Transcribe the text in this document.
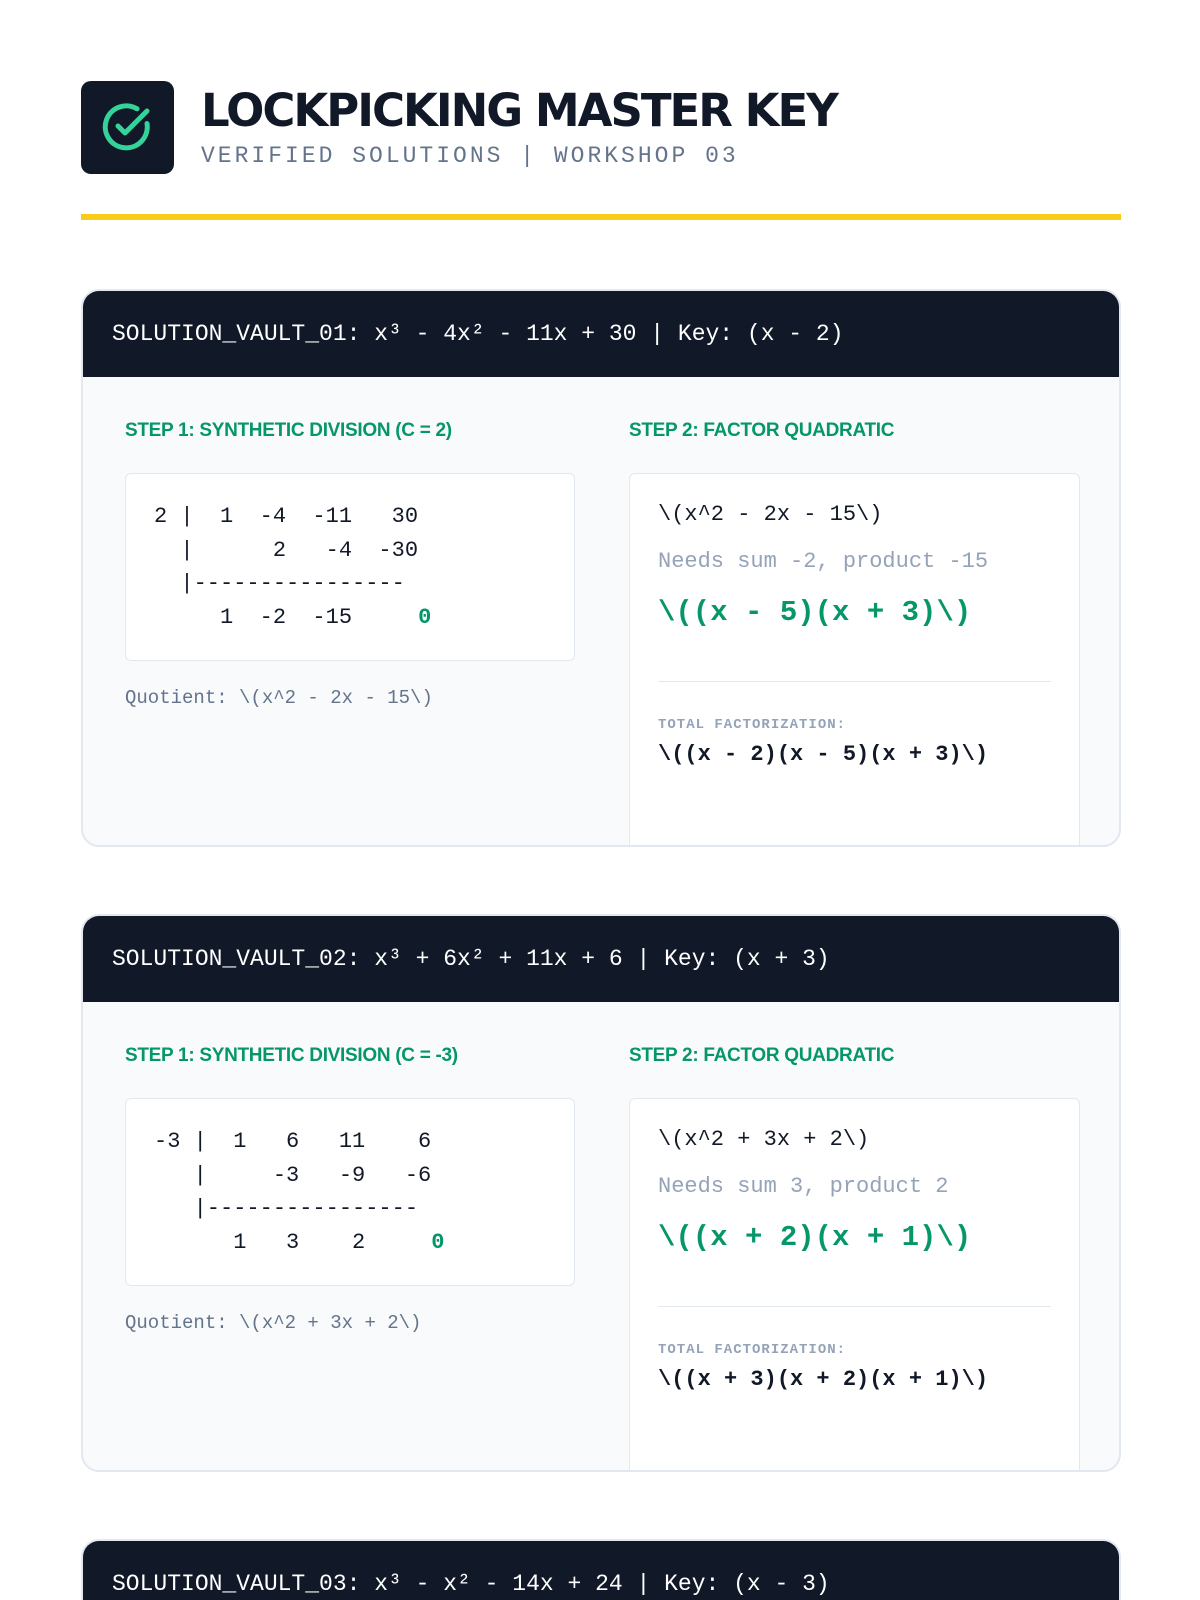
LOCKPICKING MASTER KEY
VERIFIED SOLUTIONS | WORKSHOP 03
SOLUTION_VAULT_01: x³ - 4x² - 11x + 30 | Key: (x - 2)
STEP 1: SYNTHETIC DIVISION (C = 2)
2 |  1  -4  -11   30
|      2   -4  -30
|----------------
1  -2  -15	0
Quotient: \(x^2 - 2x - 15\)
STEP 2: FACTOR QUADRATIC
\(x^2 - 2x - 15\)
Needs sum -2, product -15
\((x - 5)(x + 3)\)
TOTAL FACTORIZATION:
\((x - 2)(x - 5)(x + 3)\)
SOLUTION_VAULT_02: x³ + 6x² + 11x + 6 | Key: (x + 3)
STEP 1: SYNTHETIC DIVISION (C = -3)
-3 |  1   6   11    6
|     -3   -9   -6
|----------------
1   3    2	0
Quotient: \(x^2 + 3x + 2\)
STEP 2: FACTOR QUADRATIC
\(x^2 + 3x + 2\)
Needs sum 3, product 2
\((x + 2)(x + 1)\)
TOTAL FACTORIZATION:
\((x + 3)(x + 2)(x + 1)\)
SOLUTION_VAULT_03: x³ - x² - 14x + 24 | Key: (x - 3)
